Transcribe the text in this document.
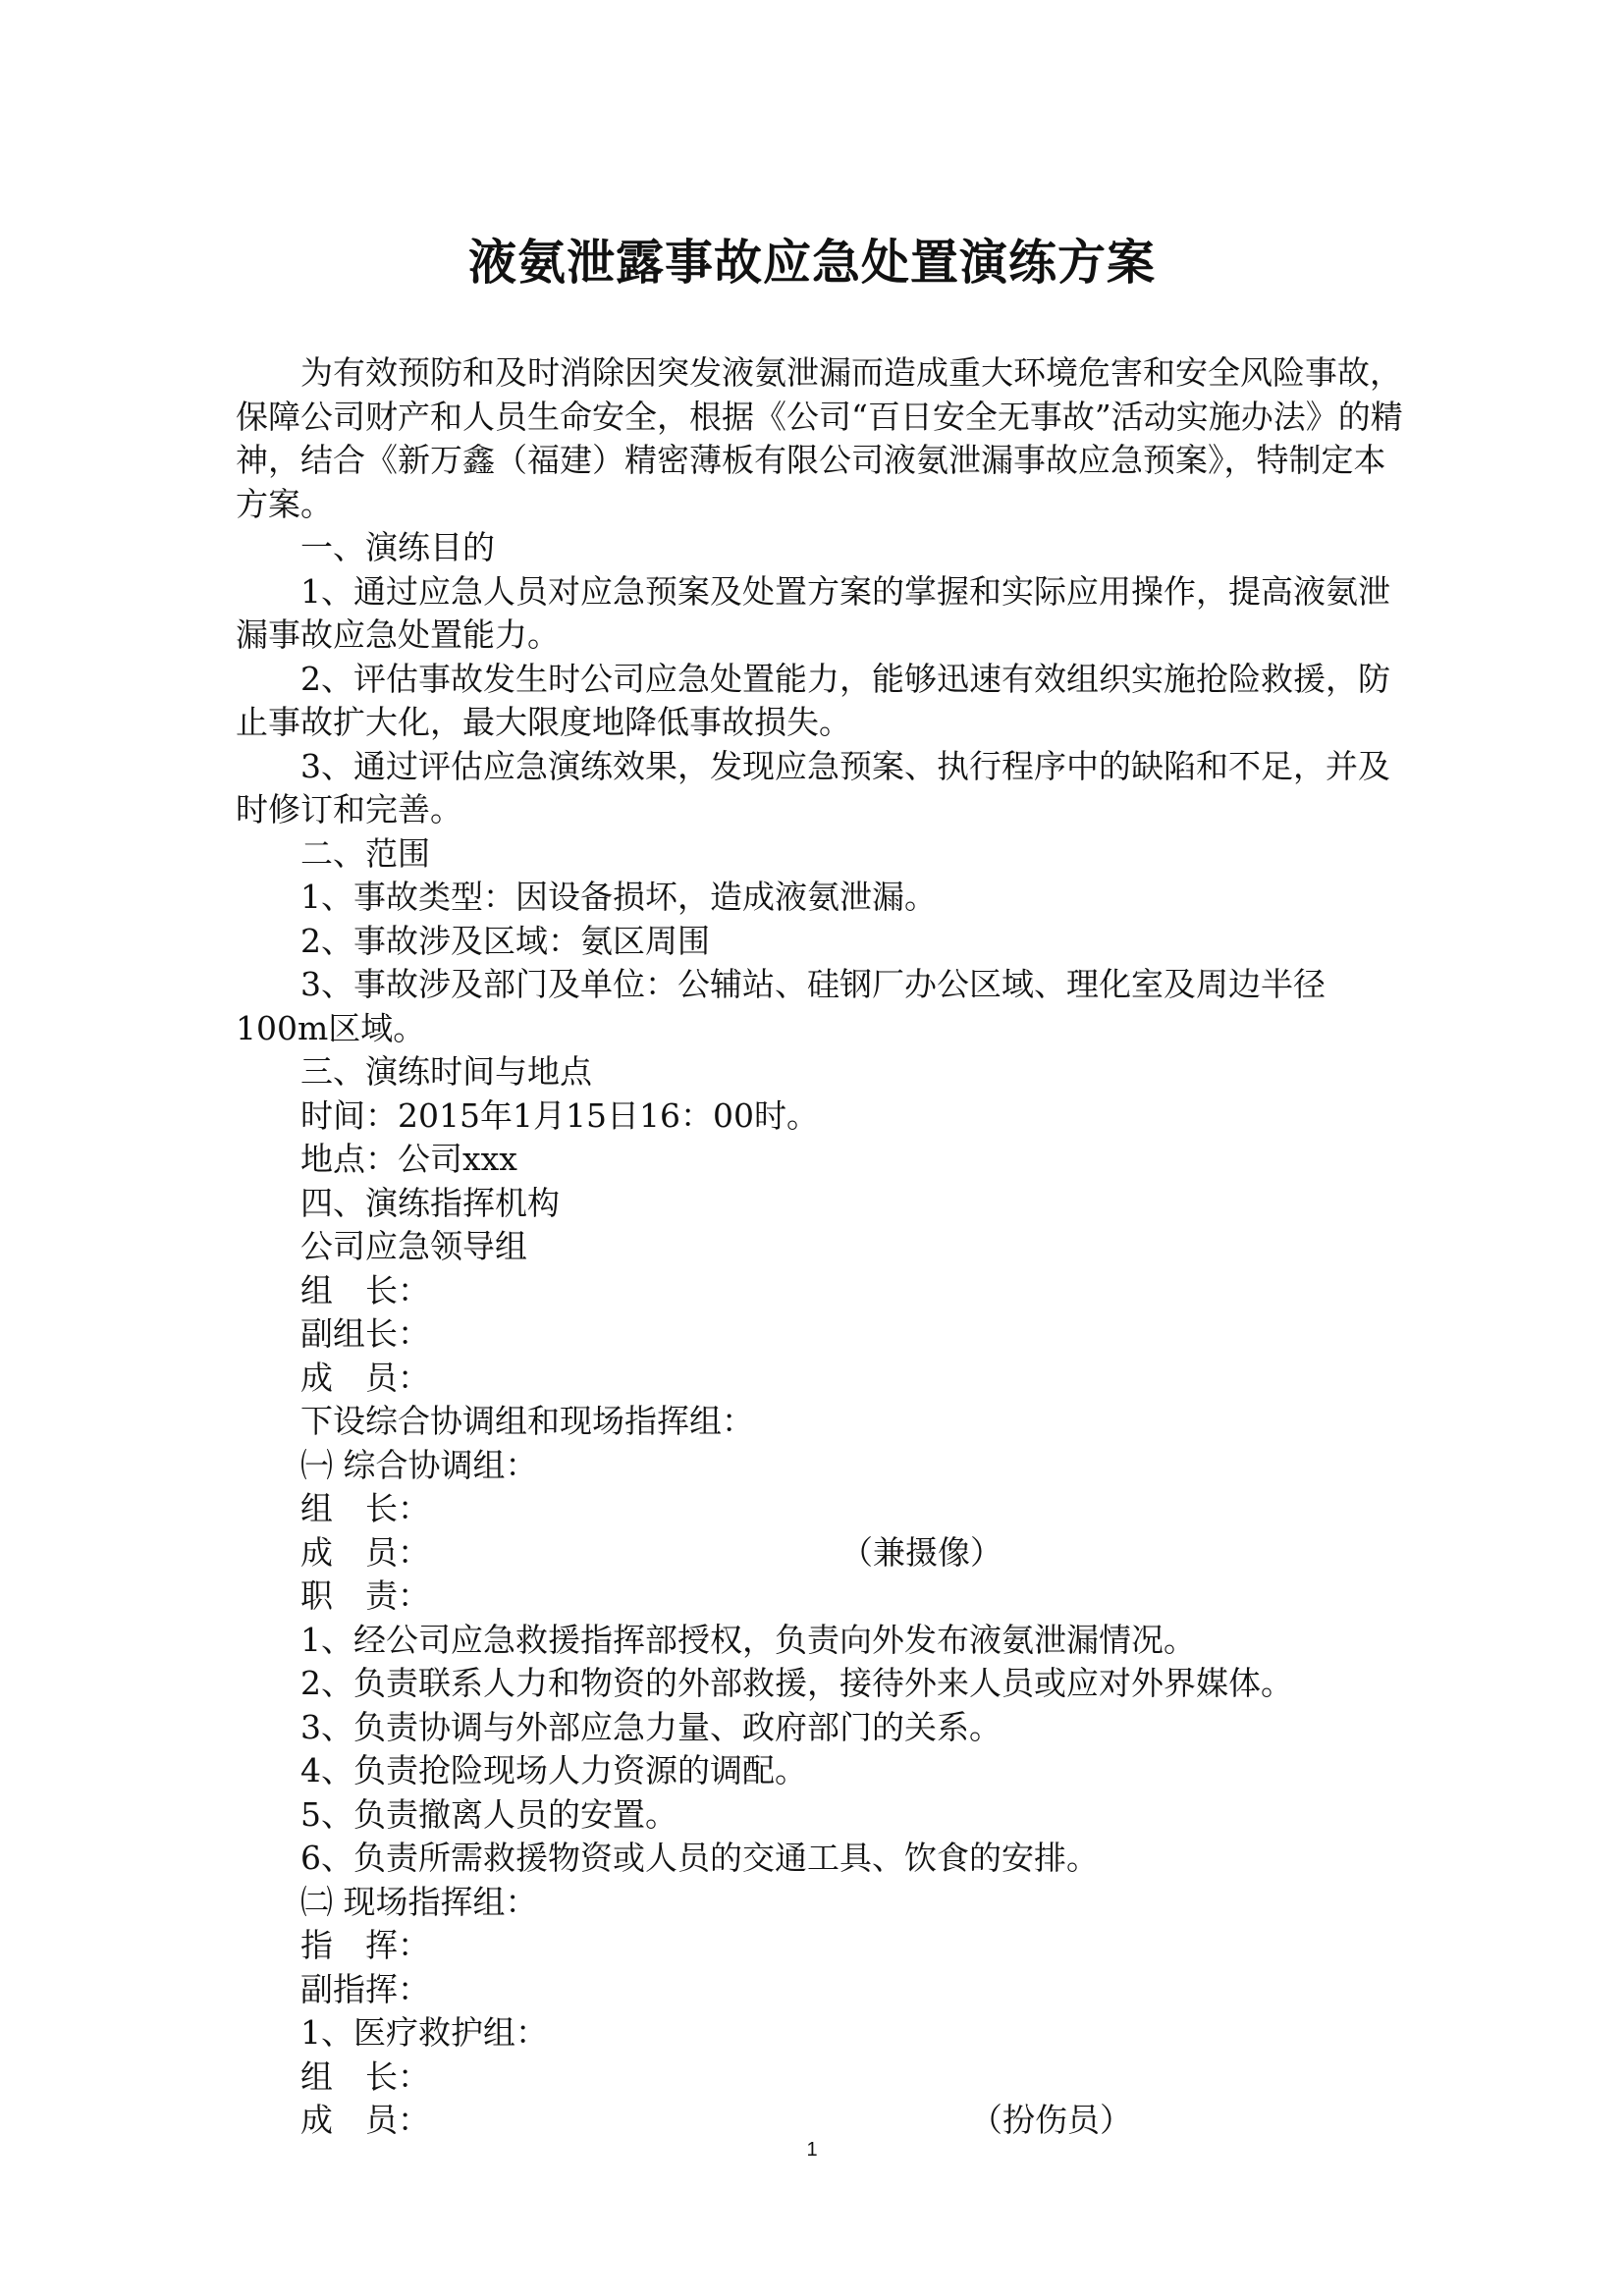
液氨泄露事故应急处置演练方案

为有效预防和及时消除因突发液氨泄漏而造成重大环境危害和安全风险事故，保障公司财产和人员生命安全，根据《公司“百日安全无事故”活动实施办法》的精神，结合《新万鑫（福建）精密薄板有限公司液氨泄漏事故应急预案》，特制定本方案。

一、演练目的

1、通过应急人员对应急预案及处置方案的掌握和实际应用操作，提高液氨泄漏事故应急处置能力。

2、评估事故发生时公司应急处置能力，能够迅速有效组织实施抢险救援，防止事故扩大化，最大限度地降低事故损失。

3、通过评估应急演练效果，发现应急预案、执行程序中的缺陷和不足，并及时修订和完善。

二、范围

1、事故类型：因设备损坏，造成液氨泄漏。

2、事故涉及区域：氨区周围

3、事故涉及部门及单位：公辅站、硅钢厂办公区域、理化室及周边半径100m区域。

三、演练时间与地点

时间：2015年1月15日16：00时。

地点：公司xxx

四、演练指挥机构

公司应急领导组

组　长：

副组长：

成　员：

下设综合协调组和现场指挥组：

㈠ 综合协调组：

组　长：

成　员：	（兼摄像）

职　责：

1、经公司应急救援指挥部授权，负责向外发布液氨泄漏情况。

2、负责联系人力和物资的外部救援，接待外来人员或应对外界媒体。

3、负责协调与外部应急力量、政府部门的关系。

4、负责抢险现场人力资源的调配。

5、负责撤离人员的安置。

6、负责所需救援物资或人员的交通工具、饮食的安排。

㈡ 现场指挥组：

指　挥：

副指挥：

1、医疗救护组：

组　长：

成　员：	（扮伤员）

1
